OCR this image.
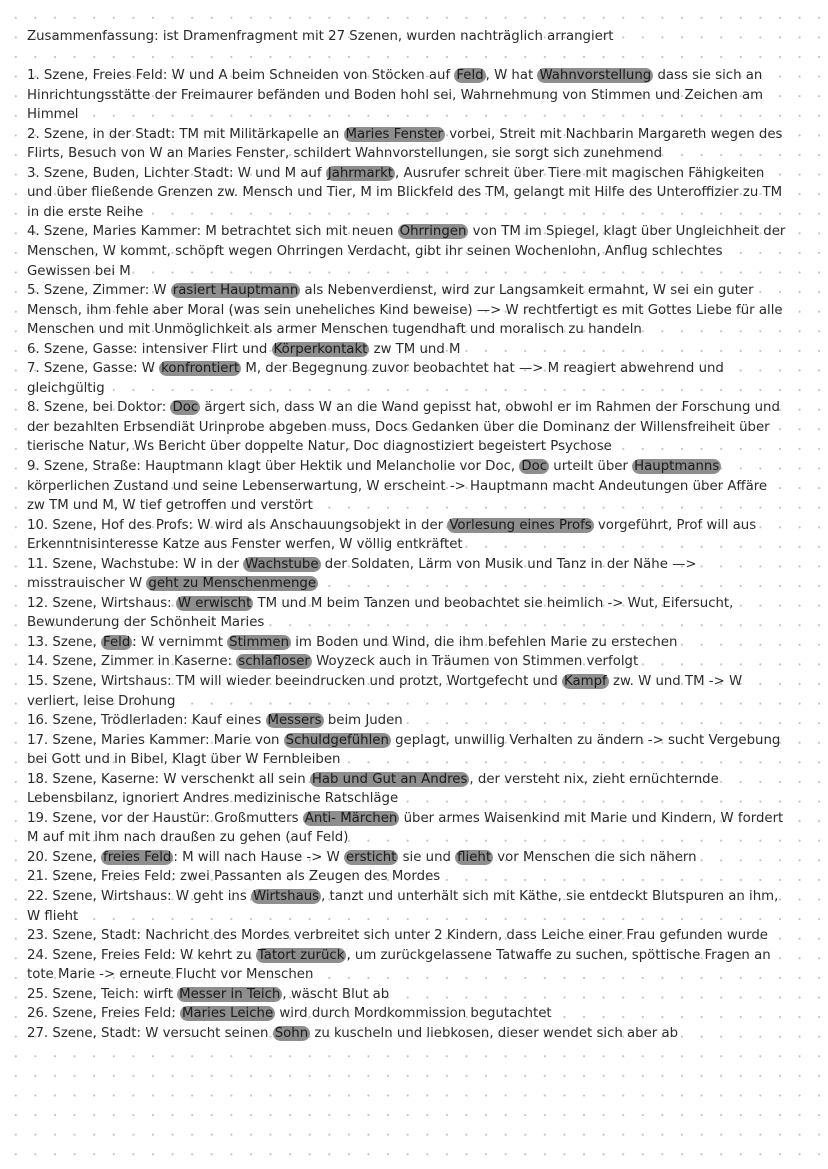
Zusammenfassung: ist Dramenfragment mit 27 Szenen, wurden nachträglich arrangiert

1. Szene, Freies Feld: W und A beim Schneiden von Stöcken auf Feld , W hat Wahnvorstellung dass sie sich an Hinrichtungsstätte der Freimaurer befänden und Boden hohl sei, Wahrnehmung von Stimmen und Zeichen am Himmel

2. Szene, in der Stadt: TM mit Militärkapelle an Maries Fenster vorbei, Streit mit Nachbarin Margareth wegen des Flirts, Besuch von W an Maries Fenster, schildert Wahnvorstellungen, sie sorgt sich zunehmend

3. Szene, Buden, Lichter Stadt: W und M auf Jahrmarkt , Ausrufer schreit über Tiere mit magischen Fähigkeiten und über fließende Grenzen zw. Mensch und Tier, M im Blickfeld des TM, gelangt mit Hilfe des Unteroffizier zu TM in die erste Reihe

4. Szene, Maries Kammer: M betrachtet sich mit neuen Ohrringen von TM im Spiegel, klagt über Ungleichheit der Menschen, W kommt, schöpft wegen Ohrringen Verdacht, gibt ihr seinen Wochenlohn, Anflug schlechtes Gewissen bei M

5. Szene, Zimmer: W rasiert Hauptmann als Nebenverdienst, wird zur Langsamkeit ermahnt, W sei ein guter Mensch, ihm fehle aber Moral (was sein uneheliches Kind beweise) —> W rechtfertigt es mit Gottes Liebe für alle Menschen und mit Unmöglichkeit als armer Menschen tugendhaft und moralisch zu handeln

6. Szene, Gasse: intensiver Flirt und Körperkontakt zw TM und M

7. Szene, Gasse: W konfrontiert M, der Begegnung zuvor beobachtet hat —> M reagiert abwehrend und gleichgültig

8. Szene, bei Doktor: Doc ärgert sich, dass W an die Wand gepisst hat, obwohl er im Rahmen der Forschung und der bezahlten Erbsendiät Urinprobe abgeben muss, Docs Gedanken über die Dominanz der Willensfreiheit über tierische Natur, Ws Bericht über doppelte Natur, Doc diagnostiziert begeistert Psychose

9. Szene, Straße: Hauptmann klagt über Hektik und Melancholie vor Doc, Doc urteilt über Hauptmanns körperlichen Zustand und seine Lebenserwartung, W erscheint -> Hauptmann macht Andeutungen über Affäre zw TM und M, W tief getroffen und verstört

10. Szene, Hof des Profs: W wird als Anschauungsobjekt in der Vorlesung eines Profs vorgeführt, Prof will aus Erkenntnisinteresse Katze aus Fenster werfen, W völlig entkräftet

11. Szene, Wachstube: W in der Wachstube der Soldaten, Lärm von Musik und Tanz in der Nähe —> misstrauischer W geht zu Menschenmenge

12. Szene, Wirtshaus: W erwischt TM und M beim Tanzen und beobachtet sie heimlich -> Wut, Eifersucht, Bewunderung der Schönheit Maries

13. Szene, Feld : W vernimmt Stimmen im Boden und Wind, die ihm befehlen Marie zu erstechen

14. Szene, Zimmer in Kaserne: schlafloser Woyzeck auch in Träumen von Stimmen verfolgt

15. Szene, Wirtshaus: TM will wieder beeindrucken und protzt, Wortgefecht und Kampf zw. W und TM -> W verliert, leise Drohung

16. Szene, Trödlerladen: Kauf eines Messers beim Juden

17. Szene, Maries Kammer: Marie von Schuldgefühlen geplagt, unwillig Verhalten zu ändern -> sucht Vergebung bei Gott und in Bibel, Klagt über W Fernbleiben

18. Szene, Kaserne: W verschenkt all sein Hab und Gut an Andres , der versteht nix, zieht ernüchternde Lebensbilanz, ignoriert Andres medizinische Ratschläge

19. Szene, vor der Haustür: Großmutters Anti- Märchen über armes Waisenkind mit Marie und Kindern, W fordert M auf mit ihm nach draußen zu gehen (auf Feld)

20. Szene, freies Feld : M will nach Hause -> W ersticht sie und flieht vor Menschen die sich nähern

21. Szene, Freies Feld: zwei Passanten als Zeugen des Mordes

22. Szene, Wirtshaus: W geht ins Wirtshaus , tanzt und unterhält sich mit Käthe, sie entdeckt Blutspuren an ihm, W flieht

23. Szene, Stadt: Nachricht des Mordes verbreitet sich unter 2 Kindern, dass Leiche einer Frau gefunden wurde

24. Szene, Freies Feld: W kehrt zu Tatort zurück , um zurückgelassene Tatwaffe zu suchen, spöttische Fragen an tote Marie -> erneute Flucht vor Menschen

25. Szene, Teich: wirft Messer in Teich , wäscht Blut ab

26. Szene, Freies Feld: Maries Leiche wird durch Mordkommission begutachtet

27. Szene, Stadt: W versucht seinen Sohn zu kuscheln und liebkosen, dieser wendet sich aber ab
